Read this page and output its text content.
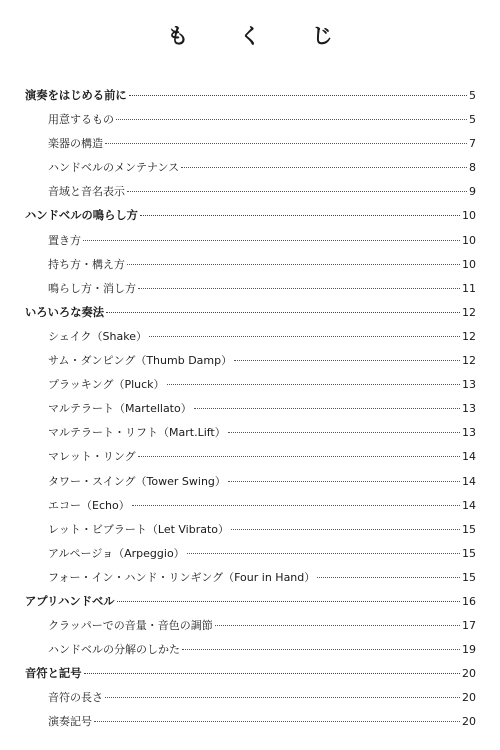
も く じ
演奏をはじめる前に	5
用意するもの	5
楽器の構造	7
ハンドベルのメンテナンス	8
音域と音名表示	9
ハンドベルの鳴らし方	10
置き方	10
持ち方・構え方	10
鳴らし方・消し方	11
いろいろな奏法	12
シェイク（Shake）	12
サム・ダンピング（Thumb Damp）	12
プラッキング（Pluck）	13
マルテラート（Martellato）	13
マルテラート・リフト（Mart.Lift）	13
マレット・リング	14
タワー・スイング（Tower Swing）	14
エコー（Echo）	14
レット・ビブラート（Let Vibrato）	15
アルページョ（Arpeggio）	15
フォー・イン・ハンド・リンギング（Four in Hand）	15
アプリハンドベル	16
クラッパーでの音量・音色の調節	17
ハンドベルの分解のしかた	19
音符と記号	20
音符の長さ	20
演奏記号	20
